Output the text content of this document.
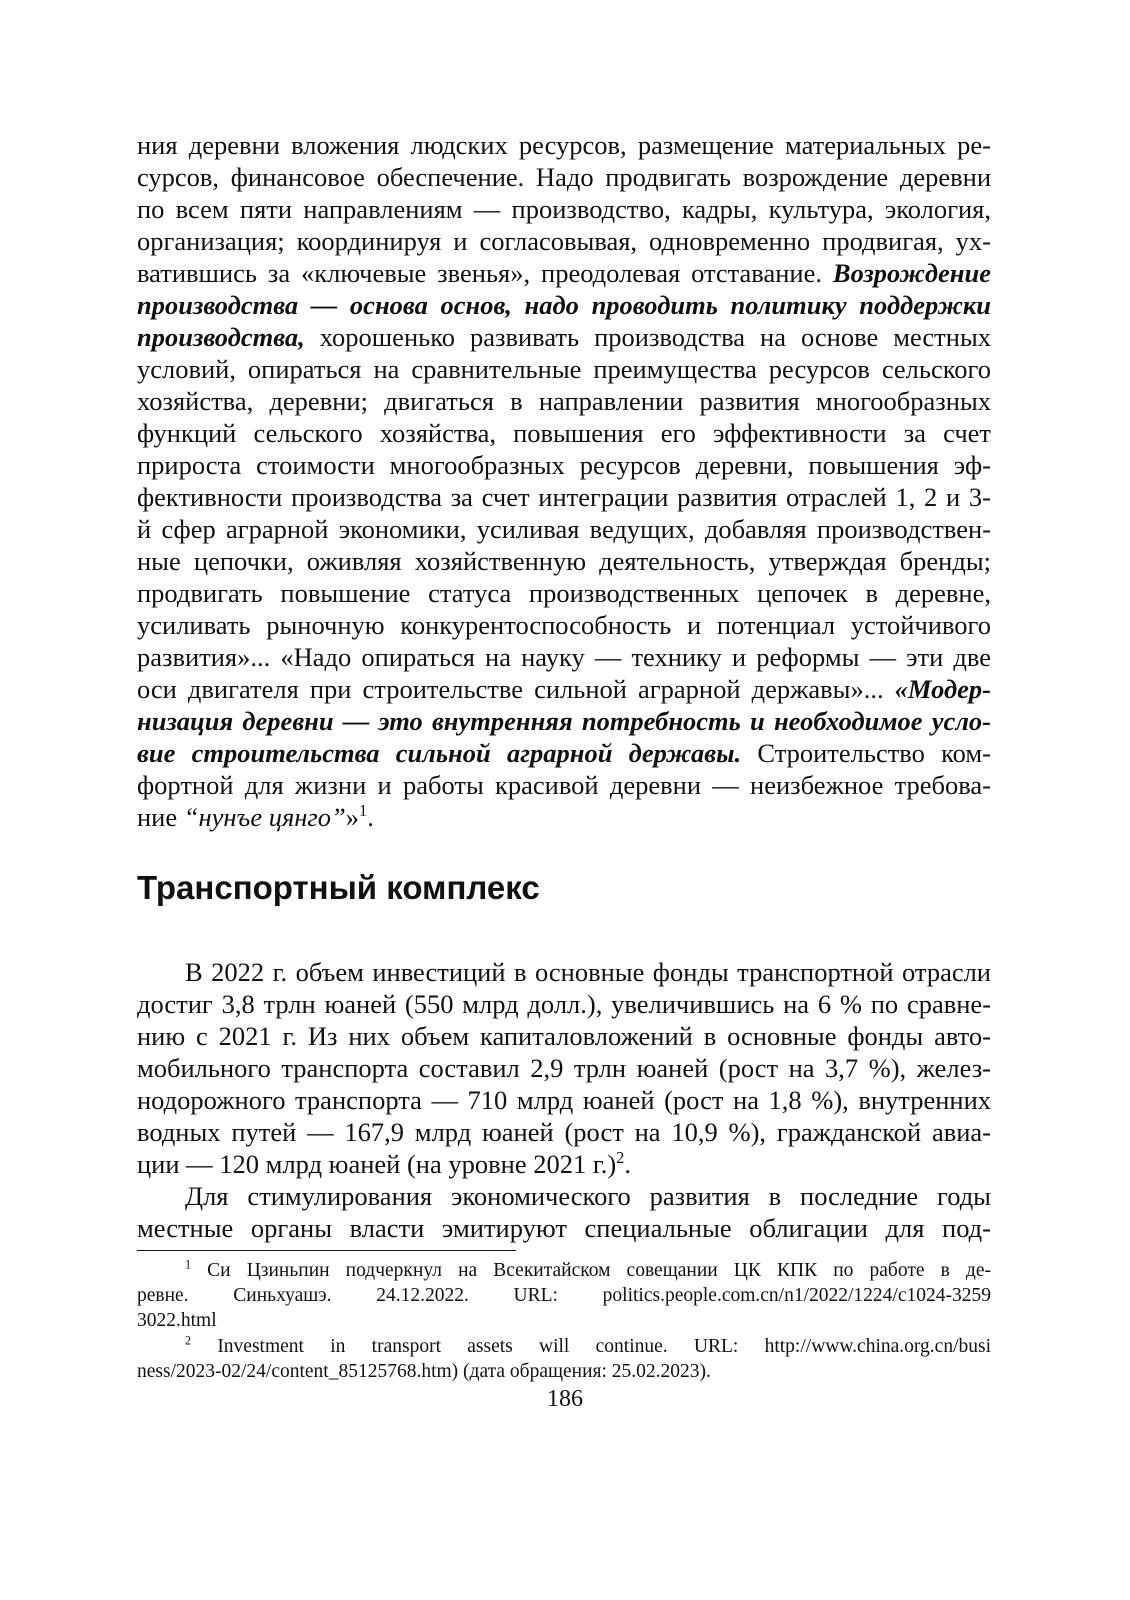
ния деревни вложения людских ресурсов, размещение материальных ре-
сурсов, финансовое обеспечение. Надо продвигать возрождение деревни
по всем пяти направлениям — производство, кадры, культура, экология,
организация; координируя и согласовывая, одновременно продвигая, ух-
ватившись за «ключевые звенья», преодолевая отставание. Возрождение
производства — основа основ, надо проводить политику поддержки
производства, хорошенько развивать производства на основе местных
условий, опираться на сравнительные преимущества ресурсов сельского
хозяйства, деревни; двигаться в направлении развития многообразных
функций сельского хозяйства, повышения его эффективности за счет
прироста стоимости многообразных ресурсов деревни, повышения эф-
фективности производства за счет интеграции развития отраслей 1, 2 и 3-
й сфер аграрной экономики, усиливая ведущих, добавляя производствен-
ные цепочки, оживляя хозяйственную деятельность, утверждая бренды;
продвигать повышение статуса производственных цепочек в деревне,
усиливать рыночную конкурентоспособность и потенциал устойчивого
развития»... «Надо опираться на науку — технику и реформы — эти две
оси двигателя при строительстве сильной аграрной державы»... «Модер-
низация деревни — это внутренняя потребность и необходимое усло-
вие строительства сильной аграрной державы. Строительство ком-
фортной для жизни и работы красивой деревни — неизбежное требова-
ние “нунъе цянго”»$^1$.
Транспортный комплекс
В 2022 г. объем инвестиций в основные фонды транспортной отрасли
достиг 3,8 трлн юаней (550 млрд долл.), увеличившись на 6 % по сравне-
нию с 2021 г. Из них объем капиталовложений в основные фонды авто-
мобильного транспорта составил 2,9 трлн юаней (рост на 3,7 %), желез-
нодорожного транспорта — 710 млрд юаней (рост на 1,8 %), внутренних
водных путей — 167,9 млрд юаней (рост на 10,9 %), гражданской авиа-
ции — 120 млрд юаней (на уровне 2021 г.)$^2$.
Для стимулирования экономического развития в последние годы
местные органы власти эмитируют специальные облигации для под-
$^1$ Си Цзиньпин подчеркнул на Всекитайском совещании ЦК КПК по работе в де-
ревне. Синьхуашэ. 24.12.2022. URL: politics.people.com.cn/n1/2022/1224/c1024-3259
3022.html
$^2$ Investment in transport assets will continue. URL: http://www.china.org.cn/busi
ness/2023-02/24/content_85125768.htm) (дата обращения: 25.02.2023).
186
